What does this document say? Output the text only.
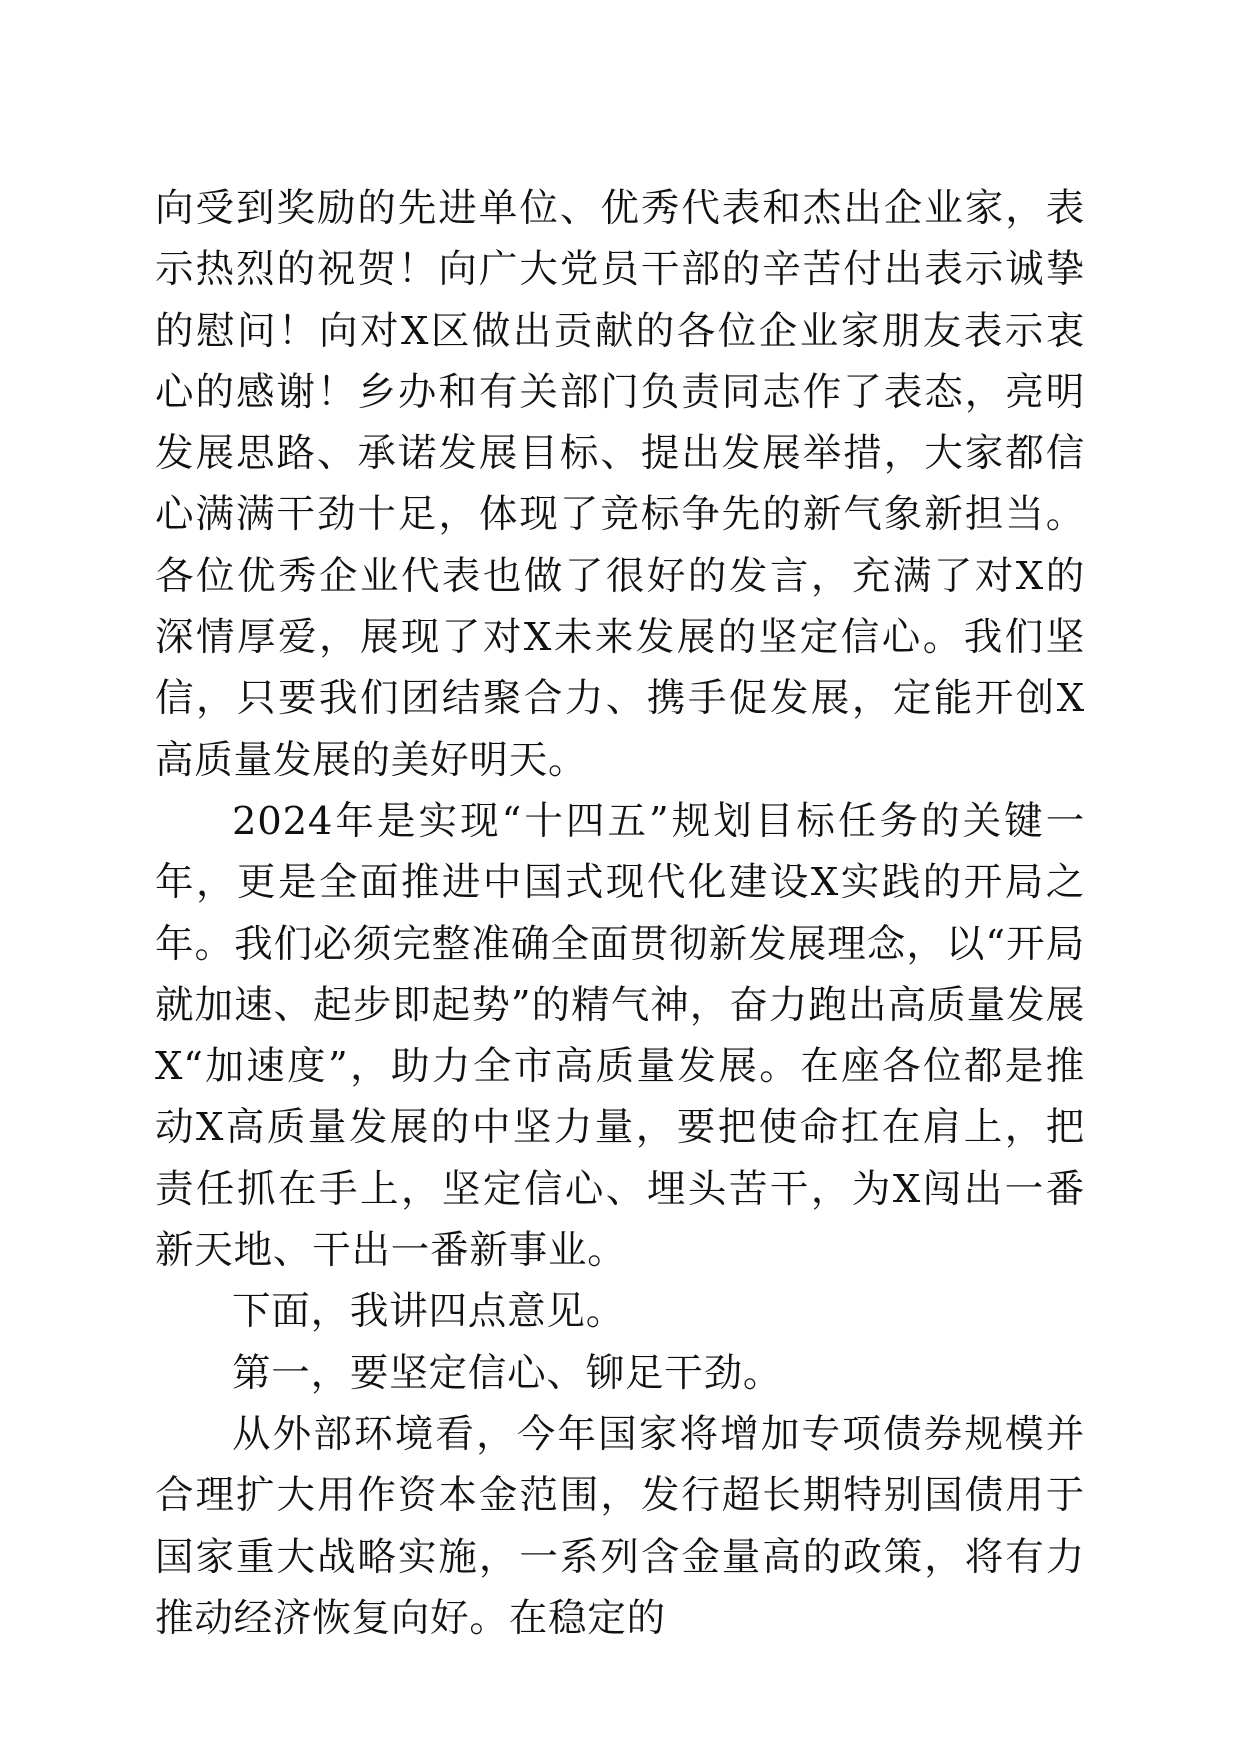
向受到奖励的先进单位、优秀代表和杰出企业家，表示热烈的祝贺！向广大党员干部的辛苦付出表示诚挚的慰问！向对X区做出贡献的各位企业家朋友表示衷心的感谢！乡办和有关部门负责同志作了表态，亮明发展思路、承诺发展目标、提出发展举措，大家都信心满满干劲十足，体现了竞标争先的新气象新担当。各位优秀企业代表也做了很好的发言，充满了对X的深情厚爱，展现了对X未来发展的坚定信心。我们坚信，只要我们团结聚合力、携手促发展，定能开创X高质量发展的美好明天。

2024年是实现“十四五”规划目标任务的关键一年，更是全面推进中国式现代化建设X实践的开局之年。我们必须完整准确全面贯彻新发展理念，以“开局就加速、起步即起势”的精气神，奋力跑出高质量发展X“加速度”，助力全市高质量发展。在座各位都是推动X高质量发展的中坚力量，要把使命扛在肩上，把责任抓在手上，坚定信心、埋头苦干，为X闯出一番新天地、干出一番新事业。

下面，我讲四点意见。

第一，要坚定信心、铆足干劲。

从外部环境看，今年国家将增加专项债券规模并合理扩大用作资本金范围，发行超长期特别国债用于国家重大战略实施，一系列含金量高的政策，将有力推动经济恢复向好。在稳定的
